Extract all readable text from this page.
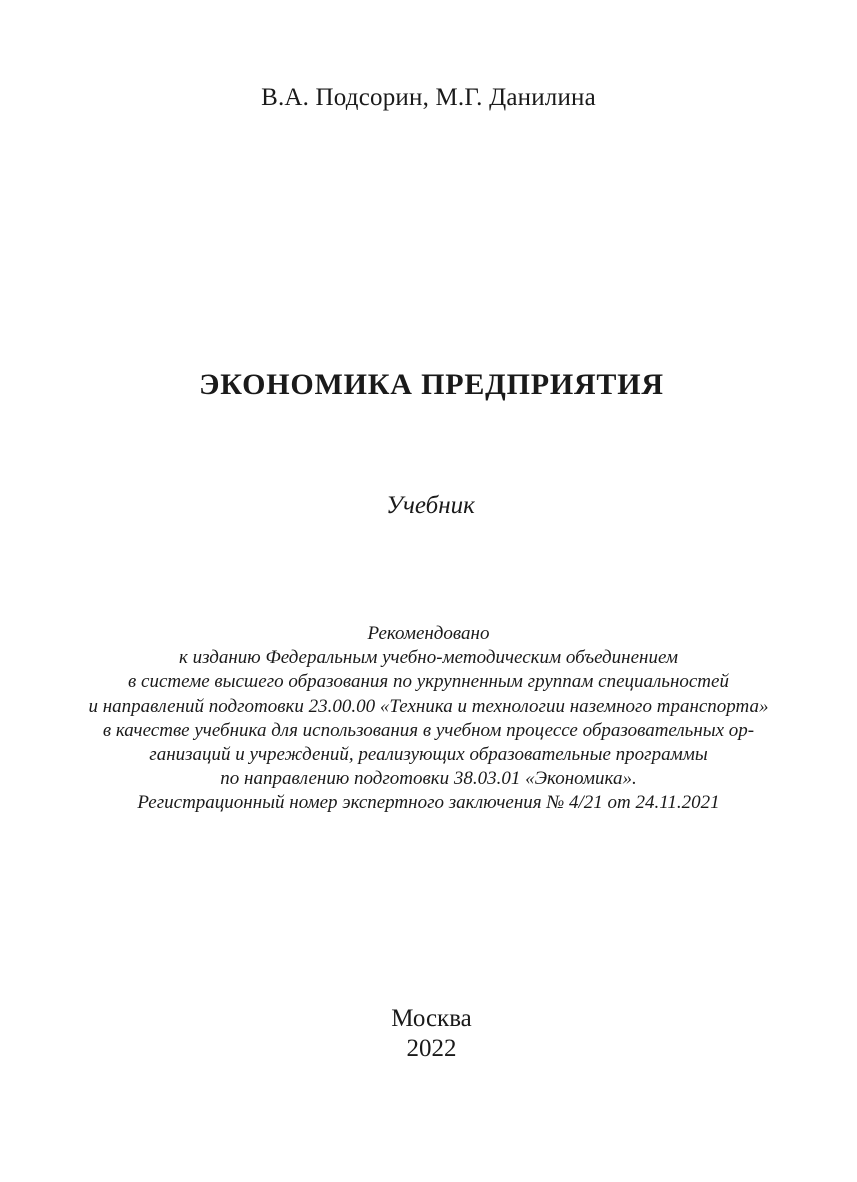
В.А. Подсорин, М.Г. Данилина
ЭКОНОМИКА ПРЕДПРИЯТИЯ
Учебник
Рекомендовано
к изданию Федеральным учебно-методическим объединением
в системе высшего образования по укрупненным группам специальностей
и направлений подготовки 23.00.00 «Техника и технологии наземного транспорта»
в качестве учебника для использования в учебном процессе образовательных ор-
ганизаций и учреждений, реализующих образовательные программы
по направлению подготовки 38.03.01 «Экономика».
Регистрационный номер экспертного заключения № 4/21 от 24.11.2021
Москва
2022
